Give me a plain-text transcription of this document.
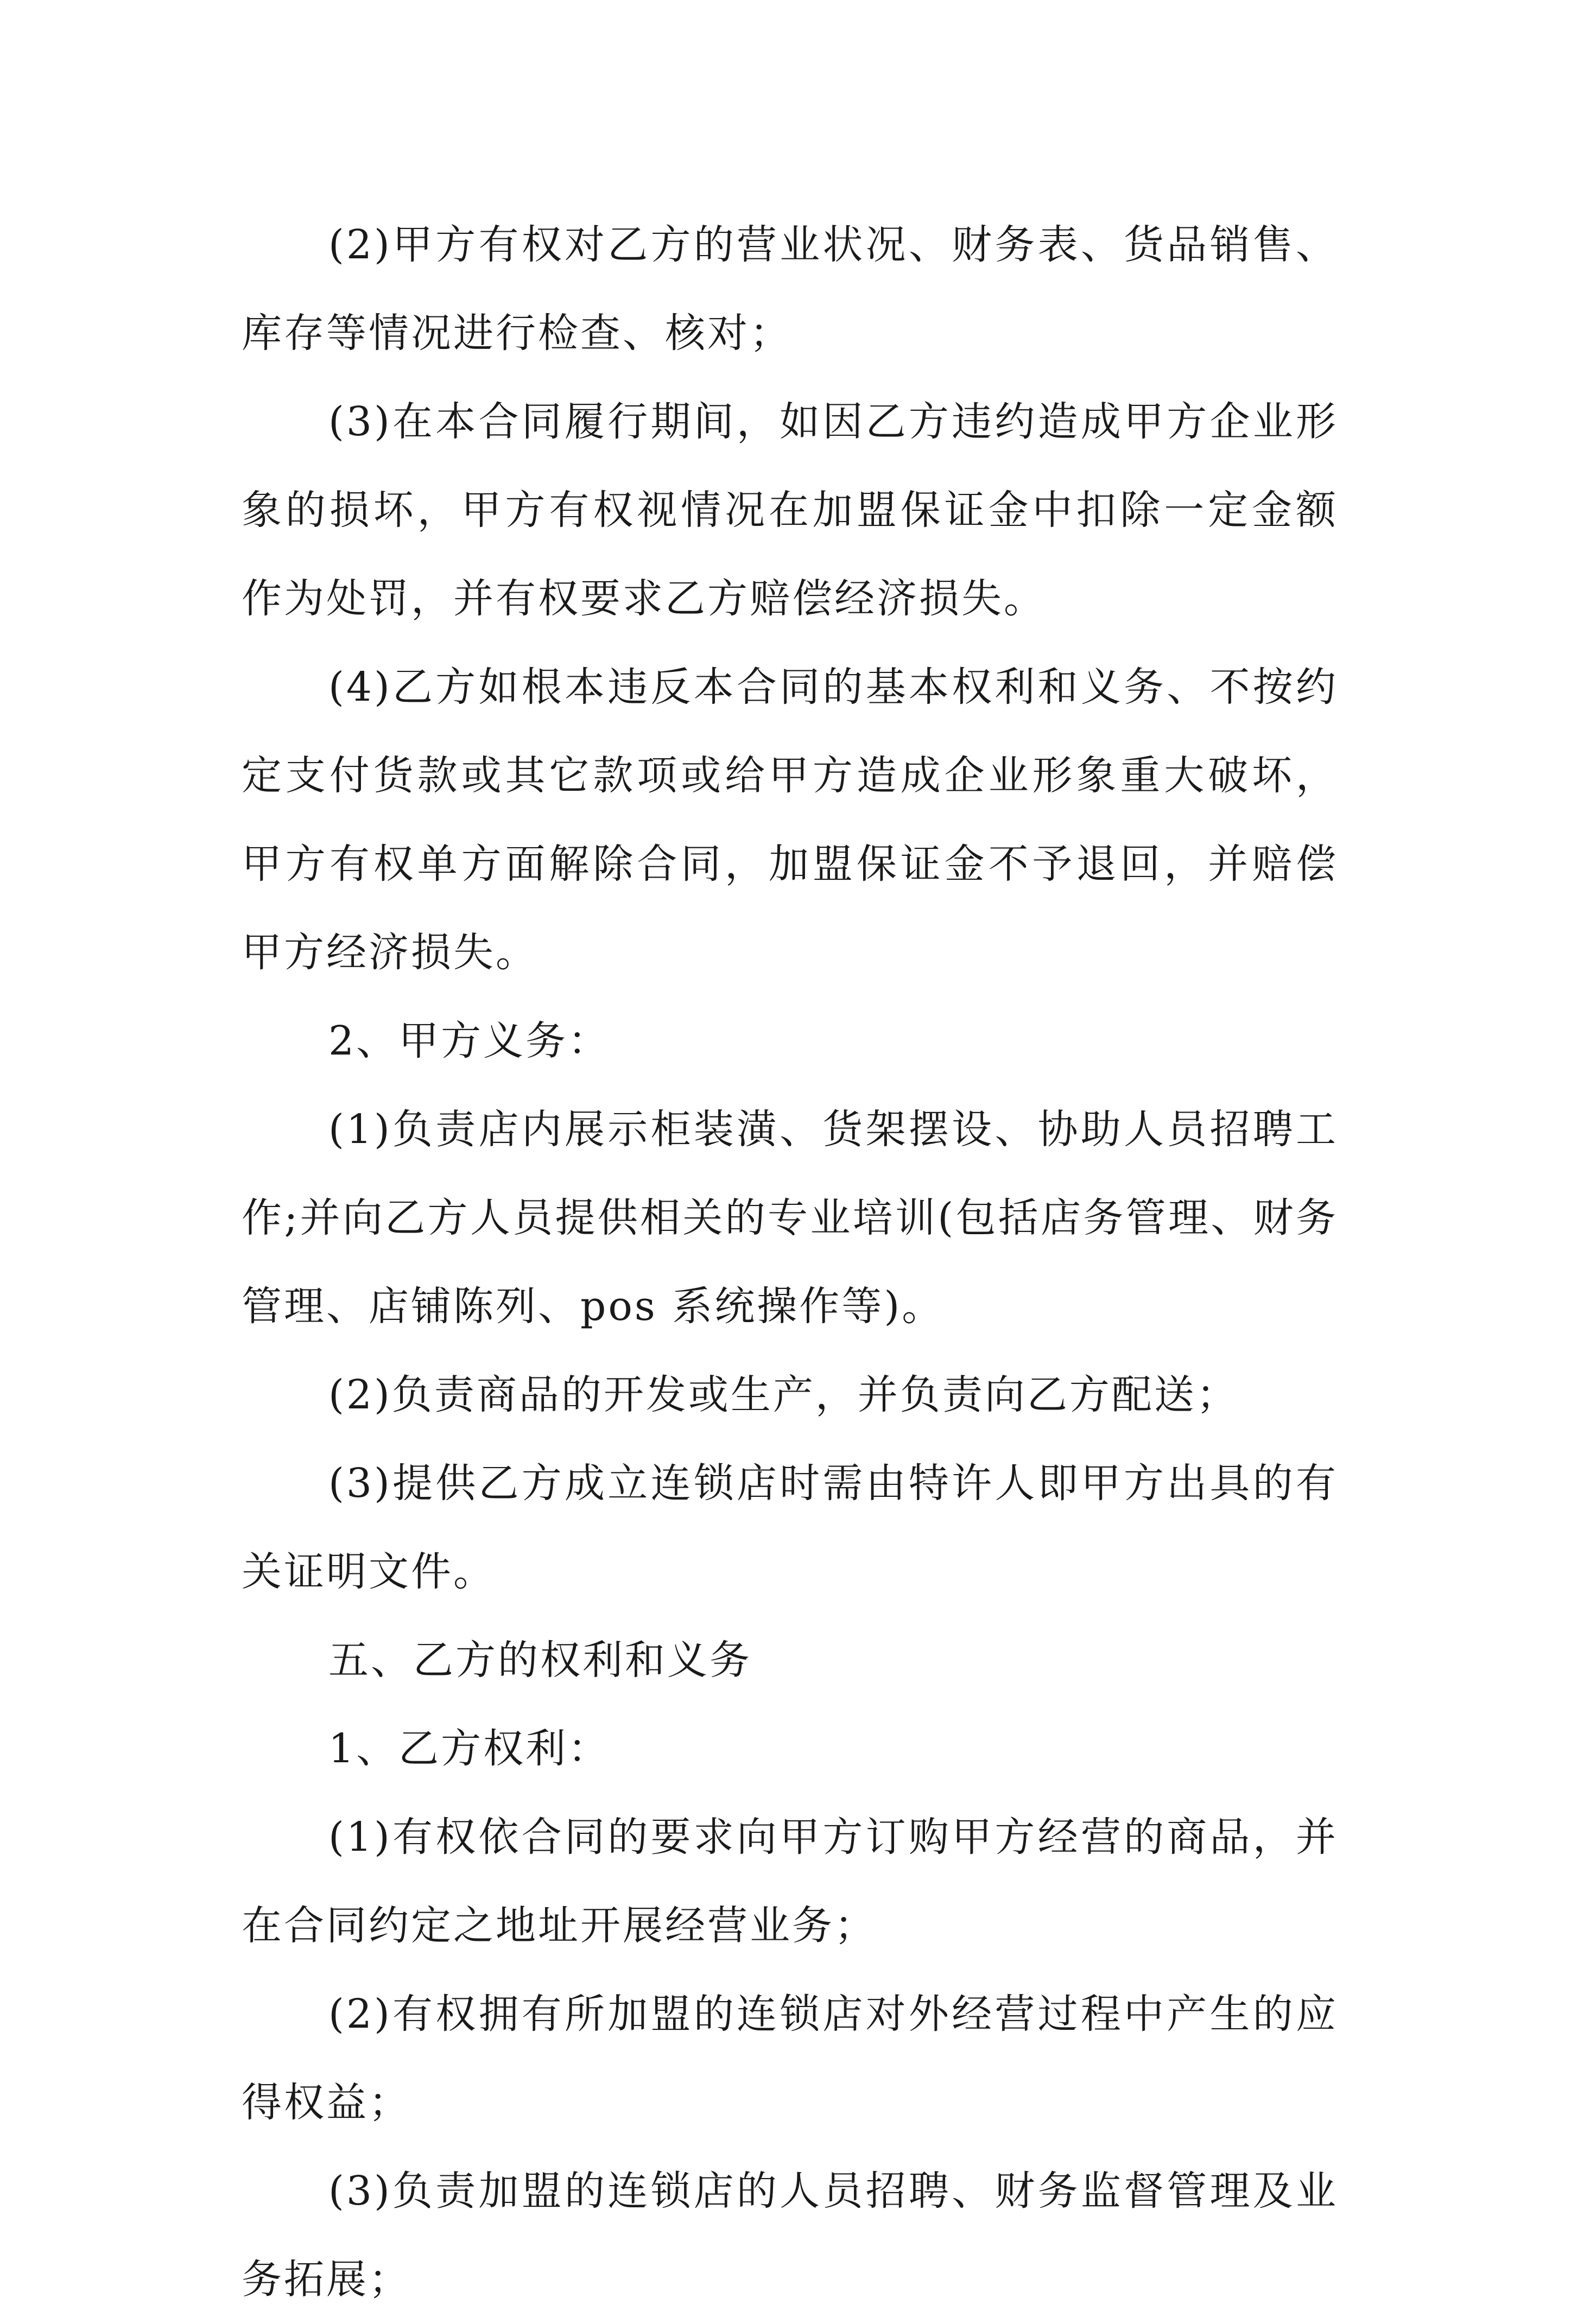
(2)甲方有权对乙方的营业状况、财务表、货品销售、库存等情况进行检查、核对；

(3)在本合同履行期间，如因乙方违约造成甲方企业形象的损坏，甲方有权视情况在加盟保证金中扣除一定金额作为处罚，并有权要求乙方赔偿经济损失。

(4)乙方如根本违反本合同的基本权利和义务、不按约定支付货款或其它款项或给甲方造成企业形象重大破坏，甲方有权单方面解除合同，加盟保证金不予退回，并赔偿甲方经济损失。

2、甲方义务：

(1)负责店内展示柜装潢、货架摆设、协助人员招聘工作;并向乙方人员提供相关的专业培训(包括店务管理、财务管理、店铺陈列、pos 系统操作等)。

(2)负责商品的开发或生产，并负责向乙方配送；

(3)提供乙方成立连锁店时需由特许人即甲方出具的有关证明文件。

五、乙方的权利和义务

1、乙方权利：

(1)有权依合同的要求向甲方订购甲方经营的商品，并在合同约定之地址开展经营业务；

(2)有权拥有所加盟的连锁店对外经营过程中产生的应得权益；

(3)负责加盟的连锁店的人员招聘、财务监督管理及业务拓展；
